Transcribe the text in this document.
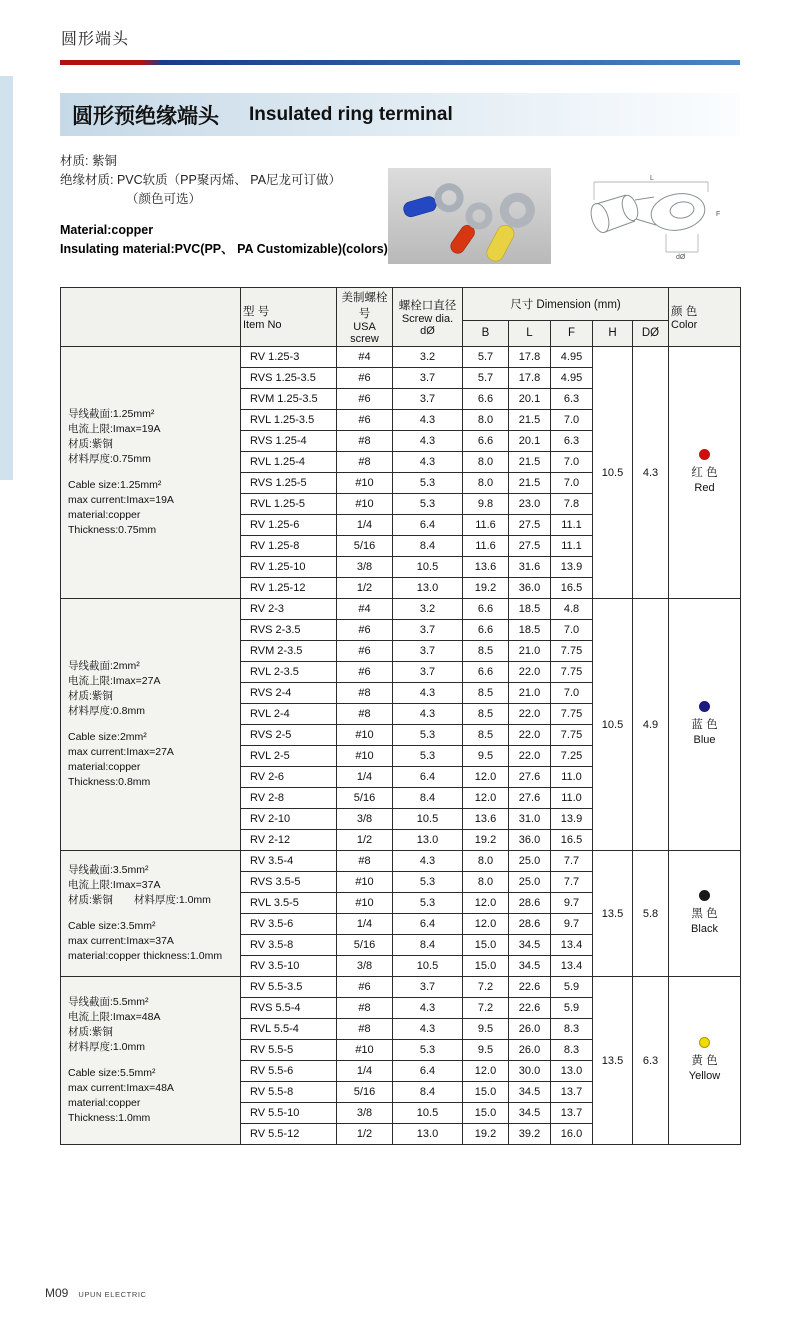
圆形端头
圆形预绝缘端头 Insulated ring terminal
材质: 紫铜
绝缘材质: PVC软质（PP聚丙烯、 PA尼龙可订做）
（颜色可选）
Material:copper
Insulating material:PVC(PP、 PA Customizable)(colors)
L
F
dØ

型 号
Item No

美制螺栓号
USA screw

螺栓口直径
Screw dia.
dØ
	尺寸 Dimension (mm)	
颜 色
Color

				B	L	F	H	DØ	

导线截面:1.25mm²
电流上限:Imax=19A
材质:紫铜
材料厚度:0.75mm
Cable size:1.25mm²
max current:Imax=19A
material:copper
Thickness:0.75mm
	RV 1.25-3	#4	3.2	5.7	17.8	4.95	10.5	4.3	红 色
Red

	RVS 1.25-3.5	#6	3.7	5.7	17.8	4.95			
	RVM 1.25-3.5	#6	3.7	6.6	20.1	6.3			
	RVL 1.25-3.5	#6	4.3	8.0	21.5	7.0			
	RVS 1.25-4	#8	4.3	6.6	20.1	6.3			
	RVL 1.25-4	#8	4.3	8.0	21.5	7.0			
	RVS 1.25-5	#10	5.3	8.0	21.5	7.0			
	RVL 1.25-5	#10	5.3	9.8	23.0	7.8			
	RV 1.25-6	1/4	6.4	11.6	27.5	11.1			
	RV 1.25-8	5/16	8.4	11.6	27.5	11.1			
	RV 1.25-10	3/8	10.5	13.6	31.6	13.9			
	RV 1.25-12	1/2	13.0	19.2	36.0	16.5			

导线截面:2mm²
电流上限:Imax=27A
材质:紫铜
材料厚度:0.8mm
Cable size:2mm²
max current:Imax=27A
material:copper
Thickness:0.8mm
	RV 2-3	#4	3.2	6.6	18.5	4.8	10.5	4.9	蓝 色
Blue

	RVS 2-3.5	#6	3.7	6.6	18.5	7.0			
	RVM 2-3.5	#6	3.7	8.5	21.0	7.75			
	RVL 2-3.5	#6	3.7	6.6	22.0	7.75			
	RVS 2-4	#8	4.3	8.5	21.0	7.0			
	RVL 2-4	#8	4.3	8.5	22.0	7.75			
	RVS 2-5	#10	5.3	8.5	22.0	7.75			
	RVL 2-5	#10	5.3	9.5	22.0	7.25			
	RV 2-6	1/4	6.4	12.0	27.6	11.0			
	RV 2-8	5/16	8.4	12.0	27.6	11.0			
	RV 2-10	3/8	10.5	13.6	31.0	13.9			
	RV 2-12	1/2	13.0	19.2	36.0	16.5			

导线截面:3.5mm²
电流上限:Imax=37A
材质:紫铜　　材料厚度:1.0mm
Cable size:3.5mm²
max current:Imax=37A
material:copper thickness:1.0mm
	RV 3.5-4	#8	4.3	8.0	25.0	7.7	13.5	5.8	黑 色
Black

	RVS 3.5-5	#10	5.3	8.0	25.0	7.7			
	RVL 3.5-5	#10	5.3	12.0	28.6	9.7			
	RV 3.5-6	1/4	6.4	12.0	28.6	9.7			
	RV 3.5-8	5/16	8.4	15.0	34.5	13.4			
	RV 3.5-10	3/8	10.5	15.0	34.5	13.4			

导线截面:5.5mm²
电流上限:Imax=48A
材质:紫铜
材料厚度:1.0mm
Cable size:5.5mm²
max current:Imax=48A
material:copper
Thickness:1.0mm
	RV 5.5-3.5	#6	3.7	7.2	22.6	5.9	13.5	6.3	黄 色
Yellow

	RVS 5.5-4	#8	4.3	7.2	22.6	5.9			
	RVL 5.5-4	#8	4.3	9.5	26.0	8.3			
	RV 5.5-5	#10	5.3	9.5	26.0	8.3			
	RV 5.5-6	1/4	6.4	12.0	30.0	13.0			
	RV 5.5-8	5/16	8.4	15.0	34.5	13.7			
	RV 5.5-10	3/8	10.5	15.0	34.5	13.7			
	RV 5.5-12	1/2	13.0	19.2	39.2	16.0			
M09 UPUN ELECTRIC
